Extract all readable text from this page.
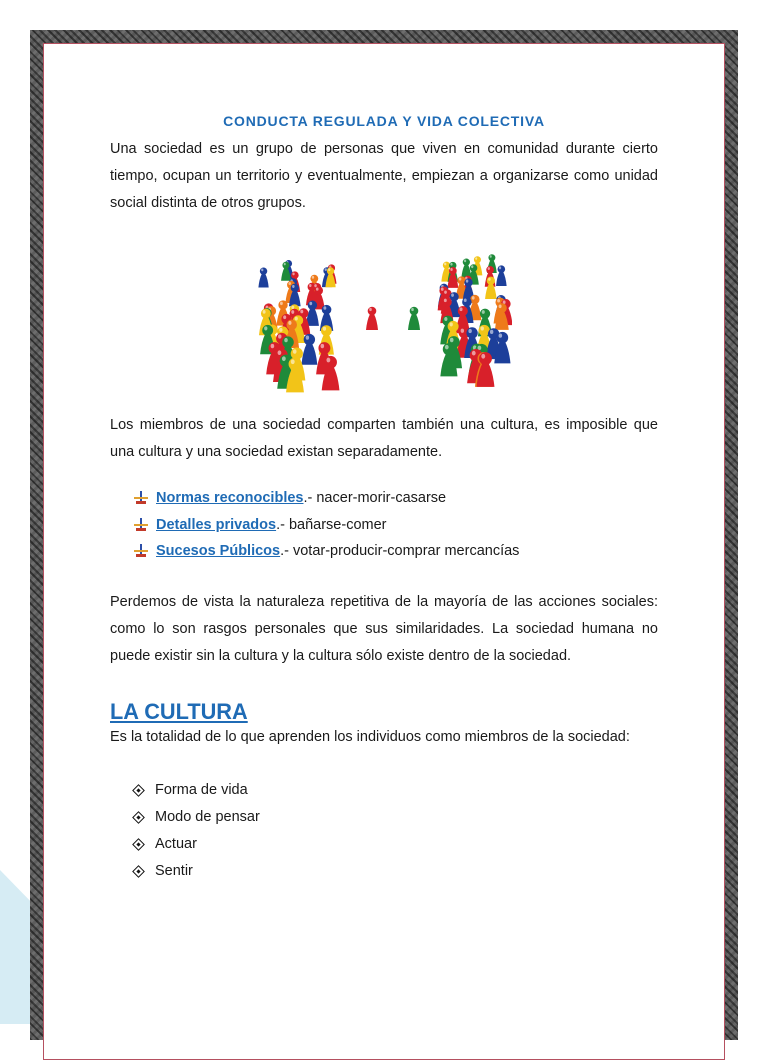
1
CONDUCTA REGULADA Y VIDA COLECTIVA

Una sociedad es un grupo de personas que viven en comunidad durante cierto tiempo, ocupan un territorio y eventualmente, empiezan a organizarse como unidad social distinta de otros grupos.

Los miembros de una sociedad comparten también una cultura, es imposible que una cultura y una sociedad existan separadamente.

Normas reconocibles.- nacer-morir-casarse
Detalles privados.- bañarse-comer
Sucesos Públicos.- votar-producir-comprar mercancías

Perdemos de vista la naturaleza repetitiva de la mayoría de las acciones sociales: como lo son rasgos personales que sus similaridades. La sociedad humana no puede existir sin la cultura y la cultura sólo existe dentro de la sociedad.

LA CULTURA

Es la totalidad de lo que aprenden los individuos como miembros de la sociedad:

Forma de vida
Modo de pensar
Actuar
Sentir
